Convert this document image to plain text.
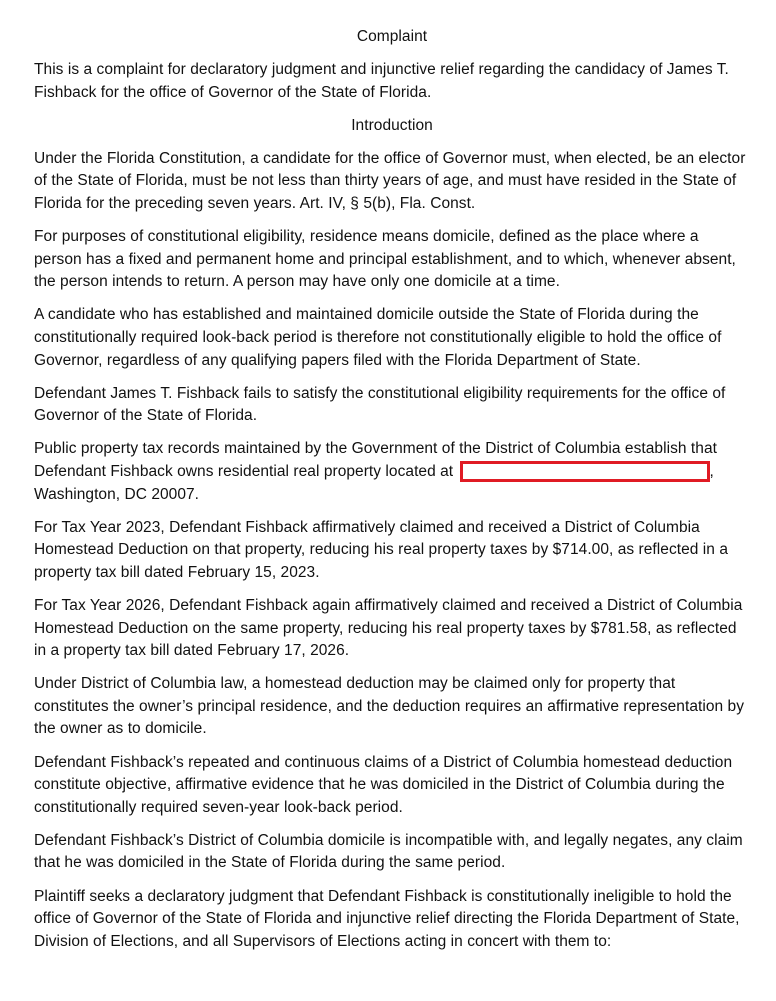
Complaint
This is a complaint for declaratory judgment and injunctive relief regarding the candidacy of James T. Fishback for the office of Governor of the State of Florida.
Introduction
Under the Florida Constitution, a candidate for the office of Governor must, when elected, be an elector of the State of Florida, must be not less than thirty years of age, and must have resided in the State of Florida for the preceding seven years. Art. IV, § 5(b), Fla. Const.
For purposes of constitutional eligibility, residence means domicile, defined as the place where a person has a fixed and permanent home and principal establishment, and to which, whenever absent, the person intends to return. A person may have only one domicile at a time.
A candidate who has established and maintained domicile outside the State of Florida during the constitutionally required look-back period is therefore not constitutionally eligible to hold the office of Governor, regardless of any qualifying papers filed with the Florida Department of State.
Defendant James T. Fishback fails to satisfy the constitutional eligibility requirements for the office of Governor of the State of Florida.
Public property tax records maintained by the Government of the District of Columbia establish that Defendant Fishback owns residential real property located at	, Washington, DC 20007.
For Tax Year 2023, Defendant Fishback affirmatively claimed and received a District of Columbia Homestead Deduction on that property, reducing his real property taxes by $714.00, as reflected in a property tax bill dated February 15, 2023.
For Tax Year 2026, Defendant Fishback again affirmatively claimed and received a District of Columbia Homestead Deduction on the same property, reducing his real property taxes by $781.58, as reflected in a property tax bill dated February 17, 2026.
Under District of Columbia law, a homestead deduction may be claimed only for property that constitutes the owner’s principal residence, and the deduction requires an affirmative representation by the owner as to domicile.
Defendant Fishback’s repeated and continuous claims of a District of Columbia homestead deduction constitute objective, affirmative evidence that he was domiciled in the District of Columbia during the constitutionally required seven-year look-back period.
Defendant Fishback’s District of Columbia domicile is incompatible with, and legally negates, any claim that he was domiciled in the State of Florida during the same period.
Plaintiff seeks a declaratory judgment that Defendant Fishback is constitutionally ineligible to hold the office of Governor of the State of Florida and injunctive relief directing the Florida Department of State, Division of Elections, and all Supervisors of Elections acting in concert with them to:
